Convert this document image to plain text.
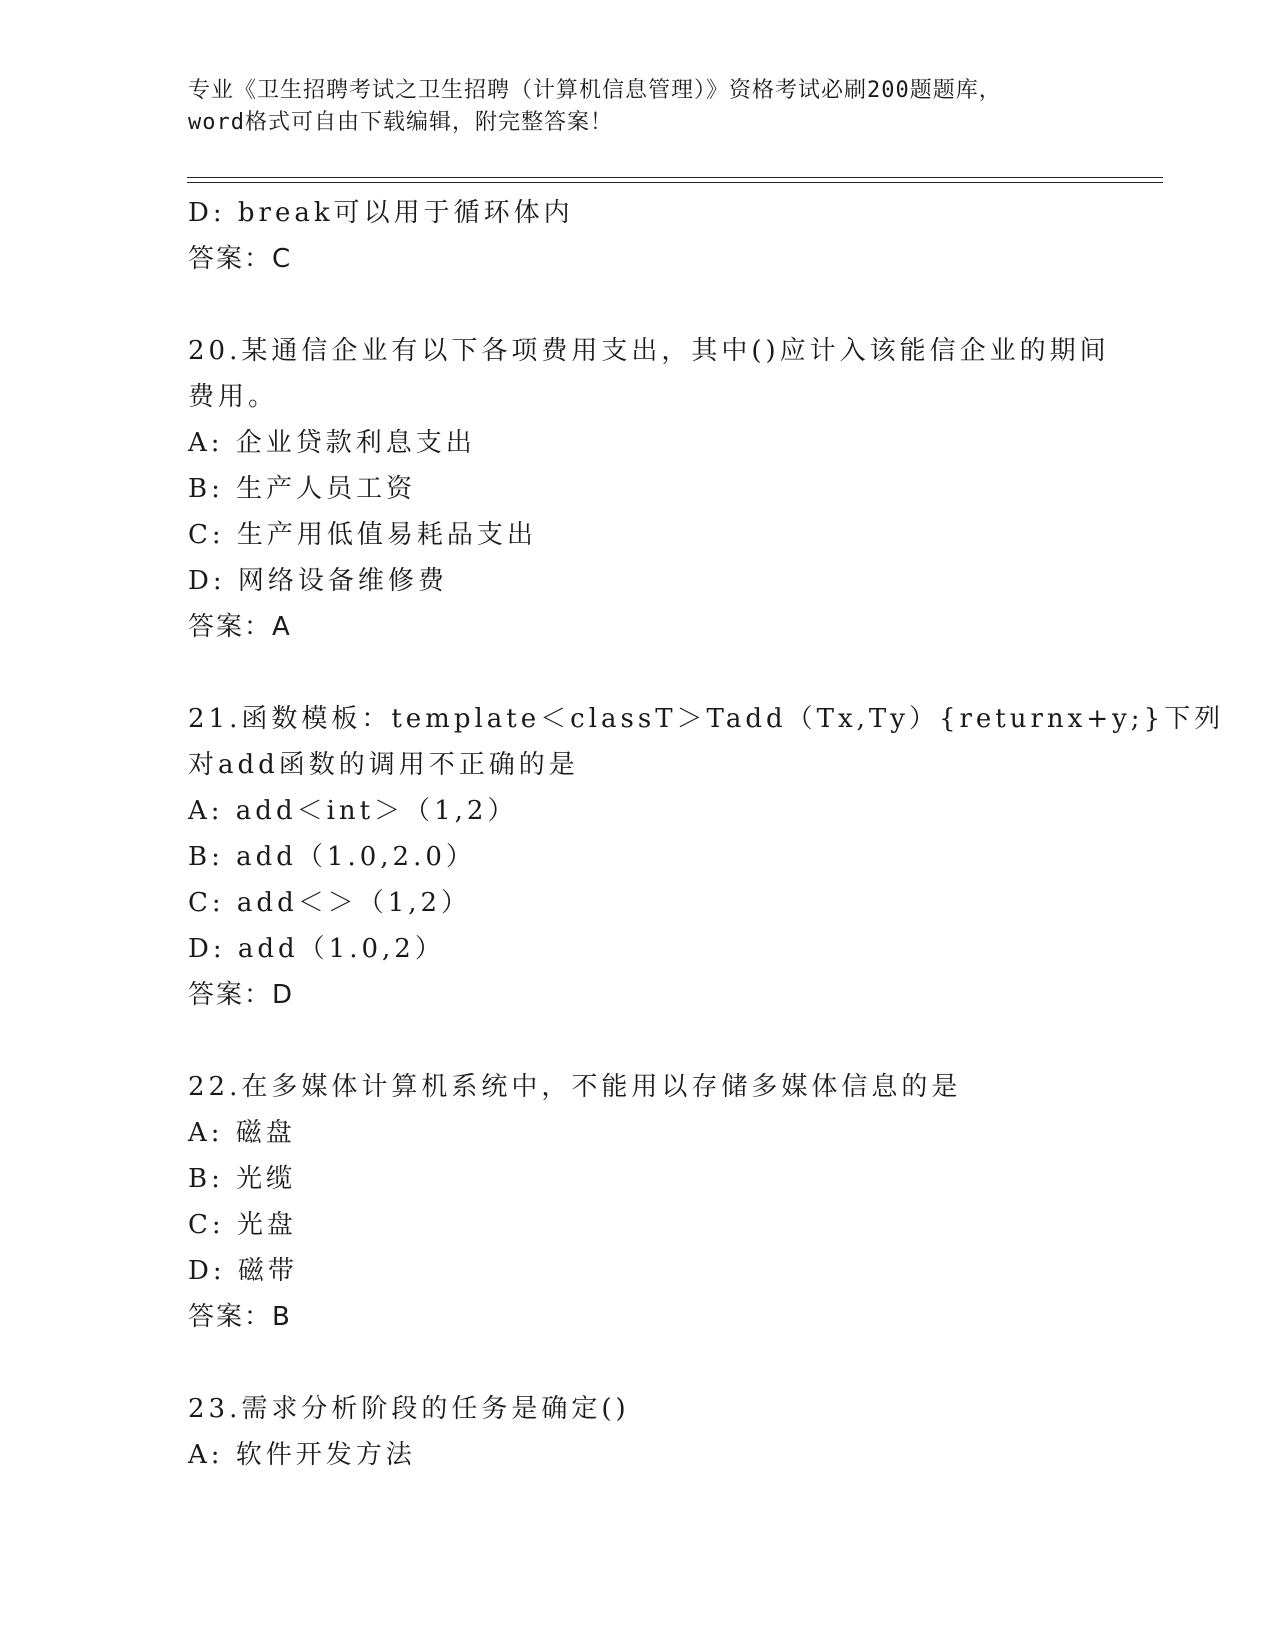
专业《卫生招聘考试之卫生招聘（计算机信息管理）》资格考试必刷200题题库，
word格式可自由下载编辑，附完整答案！
D: break可以用于循环体内
答案：C
20.某通信企业有以下各项费用支出，其中()应计入该能信企业的期间
费用。
A: 企业贷款利息支出
B: 生产人员工资
C: 生产用低值易耗品支出
D: 网络设备维修费
答案：A
21.函数模板：template＜classT＞Tadd（Tx,Ty）{returnx+y;}下列
对add函数的调用不正确的是
A: add＜int＞（1,2）
B: add（1.0,2.0）
C: add＜＞（1,2）
D: add（1.0,2）
答案：D
22.在多媒体计算机系统中，不能用以存储多媒体信息的是
A: 磁盘
B: 光缆
C: 光盘
D: 磁带
答案：B
23.需求分析阶段的任务是确定()
A: 软件开发方法
